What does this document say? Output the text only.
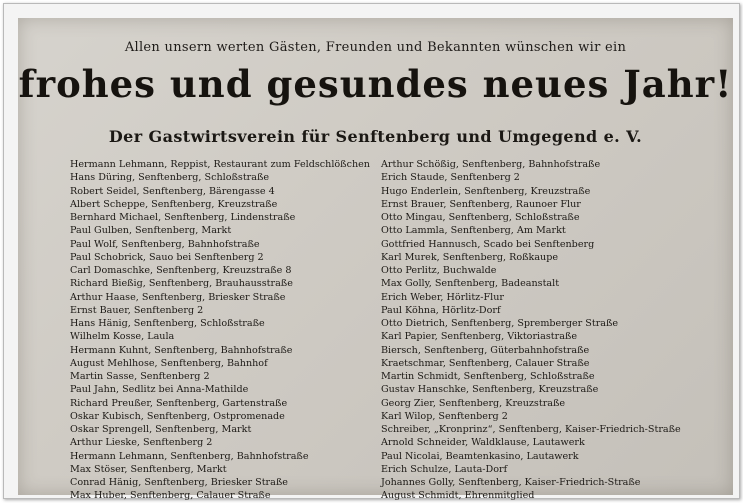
Allen unsern werten Gästen, Freunden und Bekannten wünschen wir ein
frohes und gesundes neues Jahr!
Der Gastwirtsverein für Senftenberg und Umgegend e. V.
Hermann Lehmann, Reppist, Restaurant zum Feldschlößchen
Hans Düring, Senftenberg, Schloßstraße
Robert Seidel, Senftenberg, Bärengasse 4
Albert Scheppe, Senftenberg, Kreuzstraße
Bernhard Michael, Senftenberg, Lindenstraße
Paul Gulben, Senftenberg, Markt
Paul Wolf, Senftenberg, Bahnhofstraße
Paul Schobrick, Sauo bei Senftenberg 2
Carl Domaschke, Senftenberg, Kreuzstraße 8
Richard Bießig, Senftenberg, Brauhausstraße
Arthur Haase, Senftenberg, Briesker Straße
Ernst Bauer, Senftenberg 2
Hans Hänig, Senftenberg, Schloßstraße
Wilhelm Kosse, Laula
Hermann Kuhnt, Senftenberg, Bahnhofstraße
August Mehlhose, Senftenberg, Bahnhof
Martin Sasse, Senftenberg 2
Paul Jahn, Sedlitz bei Anna-Mathilde
Richard Preußer, Senftenberg, Gartenstraße
Oskar Kubisch, Senftenberg, Ostpromenade
Oskar Sprengell, Senftenberg, Markt
Arthur Lieske, Senftenberg 2
Hermann Lehmann, Senftenberg, Bahnhofstraße
Max Stöser, Senftenberg, Markt
Conrad Hänig, Senftenberg, Briesker Straße
Max Huber, Senftenberg, Calauer Straße
Arthur Schößig, Senftenberg, Bahnhofstraße
Erich Staude, Senftenberg 2
Hugo Enderlein, Senftenberg, Kreuzstraße
Ernst Brauer, Senftenberg, Raunoer Flur
Otto Mingau, Senftenberg, Schloßstraße
Otto Lammla, Senftenberg, Am Markt
Gottfried Hannusch, Scado bei Senftenberg
Karl Murek, Senftenberg, Roßkaupe
Otto Perlitz, Buchwalde
Max Golly, Senftenberg, Badeanstalt
Erich Weber, Hörlitz-Flur
Paul Köhna, Hörlitz-Dorf
Otto Dietrich, Senftenberg, Spremberger Straße
Karl Papier, Senftenberg, Viktoriastraße
Biersch, Senftenberg, Güterbahnhofstraße
Kraetschmar, Senftenberg, Calauer Straße
Martin Schmidt, Senftenberg, Schloßstraße
Gustav Hanschke, Senftenberg, Kreuzstraße
Georg Zier, Senftenberg, Kreuzstraße
Karl Wilop, Senftenberg 2
Schreiber, „Kronprinz“, Senftenberg, Kaiser-Friedrich-Straße
Arnold Schneider, Waldklause, Lautawerk
Paul Nicolai, Beamtenkasino, Lautawerk
Erich Schulze, Lauta-Dorf
Johannes Golly, Senftenberg, Kaiser-Friedrich-Straße
August Schmidt, Ehrenmitglied
